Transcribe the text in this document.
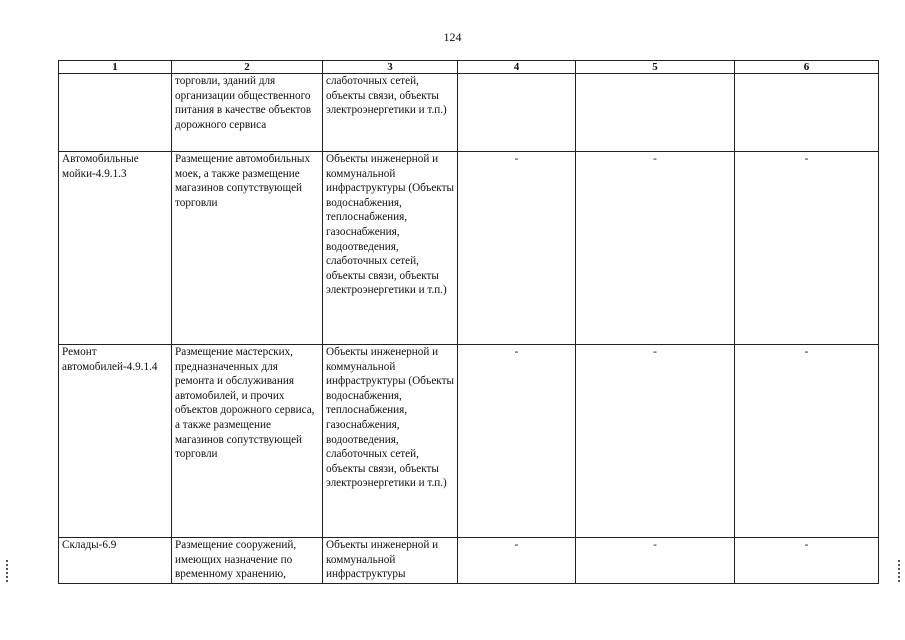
124
1	2	3	4	5	6
	торговли, зданий для организации общественного питания в качестве объектов дорожного сервиса	слаботочных сетей, объекты связи, объекты электроэнергетики и т.п.)			
Автомобильные мойки-4.9.1.3	Размещение автомобильных моек, а также размещение магазинов сопутствующей торговли	Объекты инженерной и коммунальной инфраструктуры (Объекты водоснабжения, теплоснабжения, газоснабжения, водоотведения, слаботочных сетей, объекты связи, объекты электроэнергетики и т.п.)	-	-	-
Ремонт автомобилей-4.9.1.4	Размещение мастерских, предназначенных для ремонта и обслуживания автомобилей, и прочих объектов дорожного сервиса, а также размещение магазинов сопутствующей торговли	Объекты инженерной и коммунальной инфраструктуры (Объекты водоснабжения, теплоснабжения, газоснабжения, водоотведения, слаботочных сетей, объекты связи, объекты электроэнергетики и т.п.)	-	-	-
Склады-6.9	Размещение сооружений, имеющих назначение по временному хранению,	Объекты инженерной и коммунальной инфраструктуры	-	-	-
